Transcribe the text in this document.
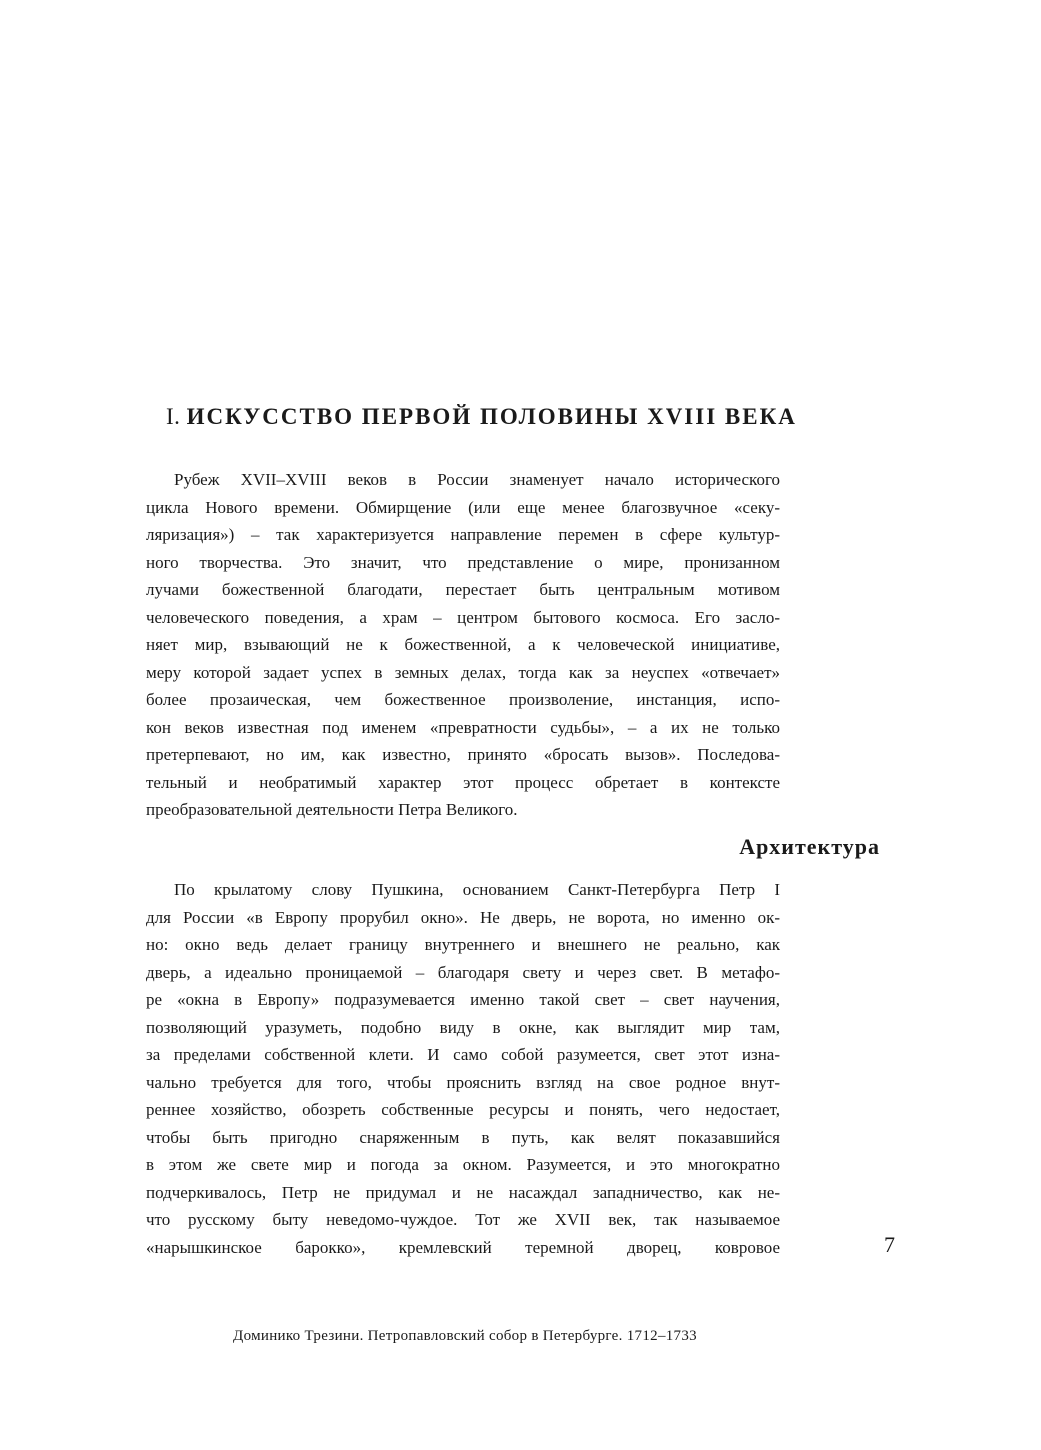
I. ИСКУССТВО ПЕРВОЙ ПОЛОВИНЫ XVIII ВЕКА
Рубеж XVII–XVIII веков в России знаменует начало исторического
цикла Нового времени. Обмирщение (или еще менее благозвучное «секу-
ляризация») – так характеризуется направление перемен в сфере культур-
ного творчества. Это значит, что представление о мире, пронизанном
лучами божественной благодати, перестает быть центральным мотивом
человеческого поведения, а храм – центром бытового космоса. Его засло-
няет мир, взывающий не к божественной, а к человеческой инициативе,
меру которой задает успех в земных делах, тогда как за неуспех «отвечает»
более прозаическая, чем божественное произволение, инстанция, испо-
кон веков известная под именем «превратности судьбы», – а их не только
претерпевают, но им, как известно, принято «бросать вызов». Последова-
тельный и необратимый характер этот процесс обретает в контексте
преобразовательной деятельности Петра Великого.
Архитектура
По крылатому слову Пушкина, основанием Санкт-Петербурга Петр I
для России «в Европу прорубил окно». Не дверь, не ворота, но именно ок-
но: окно ведь делает границу внутреннего и внешнего не реально, как
дверь, а идеально проницаемой – благодаря свету и через свет. В метафо-
ре «окна в Европу» подразумевается именно такой свет – свет научения,
позволяющий уразуметь, подобно виду в окне, как выглядит мир там,
за пределами собственной клети. И само собой разумеется, свет этот изна-
чально требуется для того, чтобы прояснить взгляд на свое родное внут-
реннее хозяйство, обозреть собственные ресурсы и понять, чего недостает,
чтобы быть пригодно снаряженным в путь, как велят показавшийся
в этом же свете мир и погода за окном. Разумеется, и это многократно
подчеркивалось, Петр не придумал и не насаждал западничество, как не-
что русскому быту неведомо-чуждое. Тот же XVII век, так называемое
«нарышкинское барокко», кремлевский теремной дворец, ковровое	7
Доминико Трезини. Петропавловский собор в Петербурге. 1712–1733
